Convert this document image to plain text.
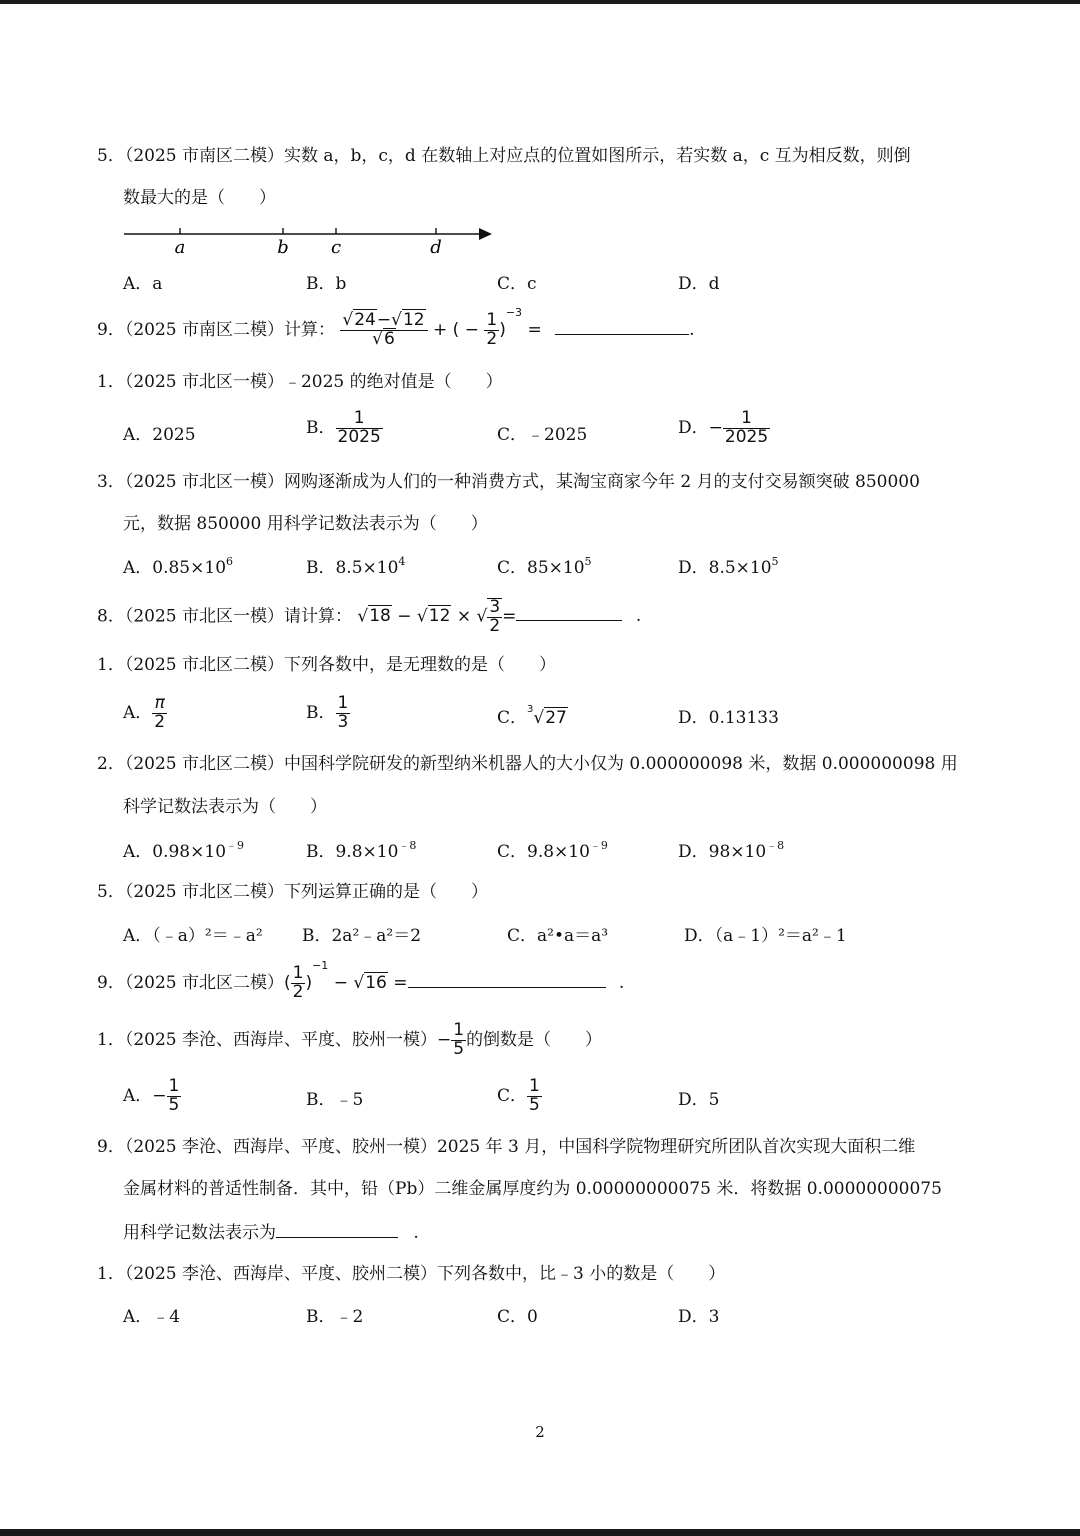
5．（2025 市南区二模）实数 a，b，c，d 在数轴上对应点的位置如图所示，若实数 a，c 互为相反数，则倒
数最大的是（　　）
a	b c	d
A．a	B．b	C．c	D．d
9．（2025 市南区二模）计算： $\frac{√24-√12}{√6}$ + ( − $\frac{1}{2} )^{-3}$ =	.
1．（2025 市北区一模）﹣2025 的绝对值是（　　）
A．2025	B． $\frac{1}{2025}$	C．﹣2025	D．− $\frac{1}{2025}$
3．（2025 市北区一模）网购逐渐成为人们的一种消费方式，某淘宝商家今年 2 月的支付交易额突破 850000
元，数据 850000 用科学记数法表示为（　　）
A．$0.85\times 10^6$	B．$8.5\times 10^4$	C．$85\times 10^5$	D．$8.5\times 10^5$
8．（2025 市北区一模）请计算： √18 − √12 × √ $\frac{3}{2}$ =	.
1．（2025 市北区二模）下列各数中，是无理数的是（　　）
A． $\frac{\pi}{2}$	B． $\frac{1}{3}$	C．$^3$√27	D．0.13133
2．（2025 市北区二模）中国科学院研发的新型纳米机器人的大小仅为 0.000000098 米，数据 0.000000098 用
科学记数法表示为（　　）
A．$0.98\times 10^{﹣9}$	B．$9.8\times 10^{﹣8}$	C．$9.8\times 10^{﹣9}$	D．$98\times 10^{﹣8}$
5．（2025 市北区二模）下列运算正确的是（　　）
A．（﹣a）²＝﹣a² B．2a²﹣a²＝2	C．a²•a＝a³	D．（a﹣1）²＝a²﹣1
9．（2025 市北区二模）( $\frac{1}{2} )^{-1} - √16$ =	.
1．（2025 李沧、西海岸、平度、胶州一模）− $\frac{1}{5}$ 的倒数是（　　）
A．− $\frac{1}{5}$	B．﹣5	C． $\frac{1}{5}$	D．5
9．（2025 李沧、西海岸、平度、胶州一模）2025 年 3 月，中国科学院物理研究所团队首次实现大面积二维
金属材料的普适性制备．其中，铅（Pb）二维金属厚度约为 0.00000000075 米．将数据 0.00000000075
用科学记数法表示为	.
1．（2025 李沧、西海岸、平度、胶州二模）下列各数中，比﹣3 小的数是（　　）
A．﹣4	B．﹣2	C．0	D．3
2
